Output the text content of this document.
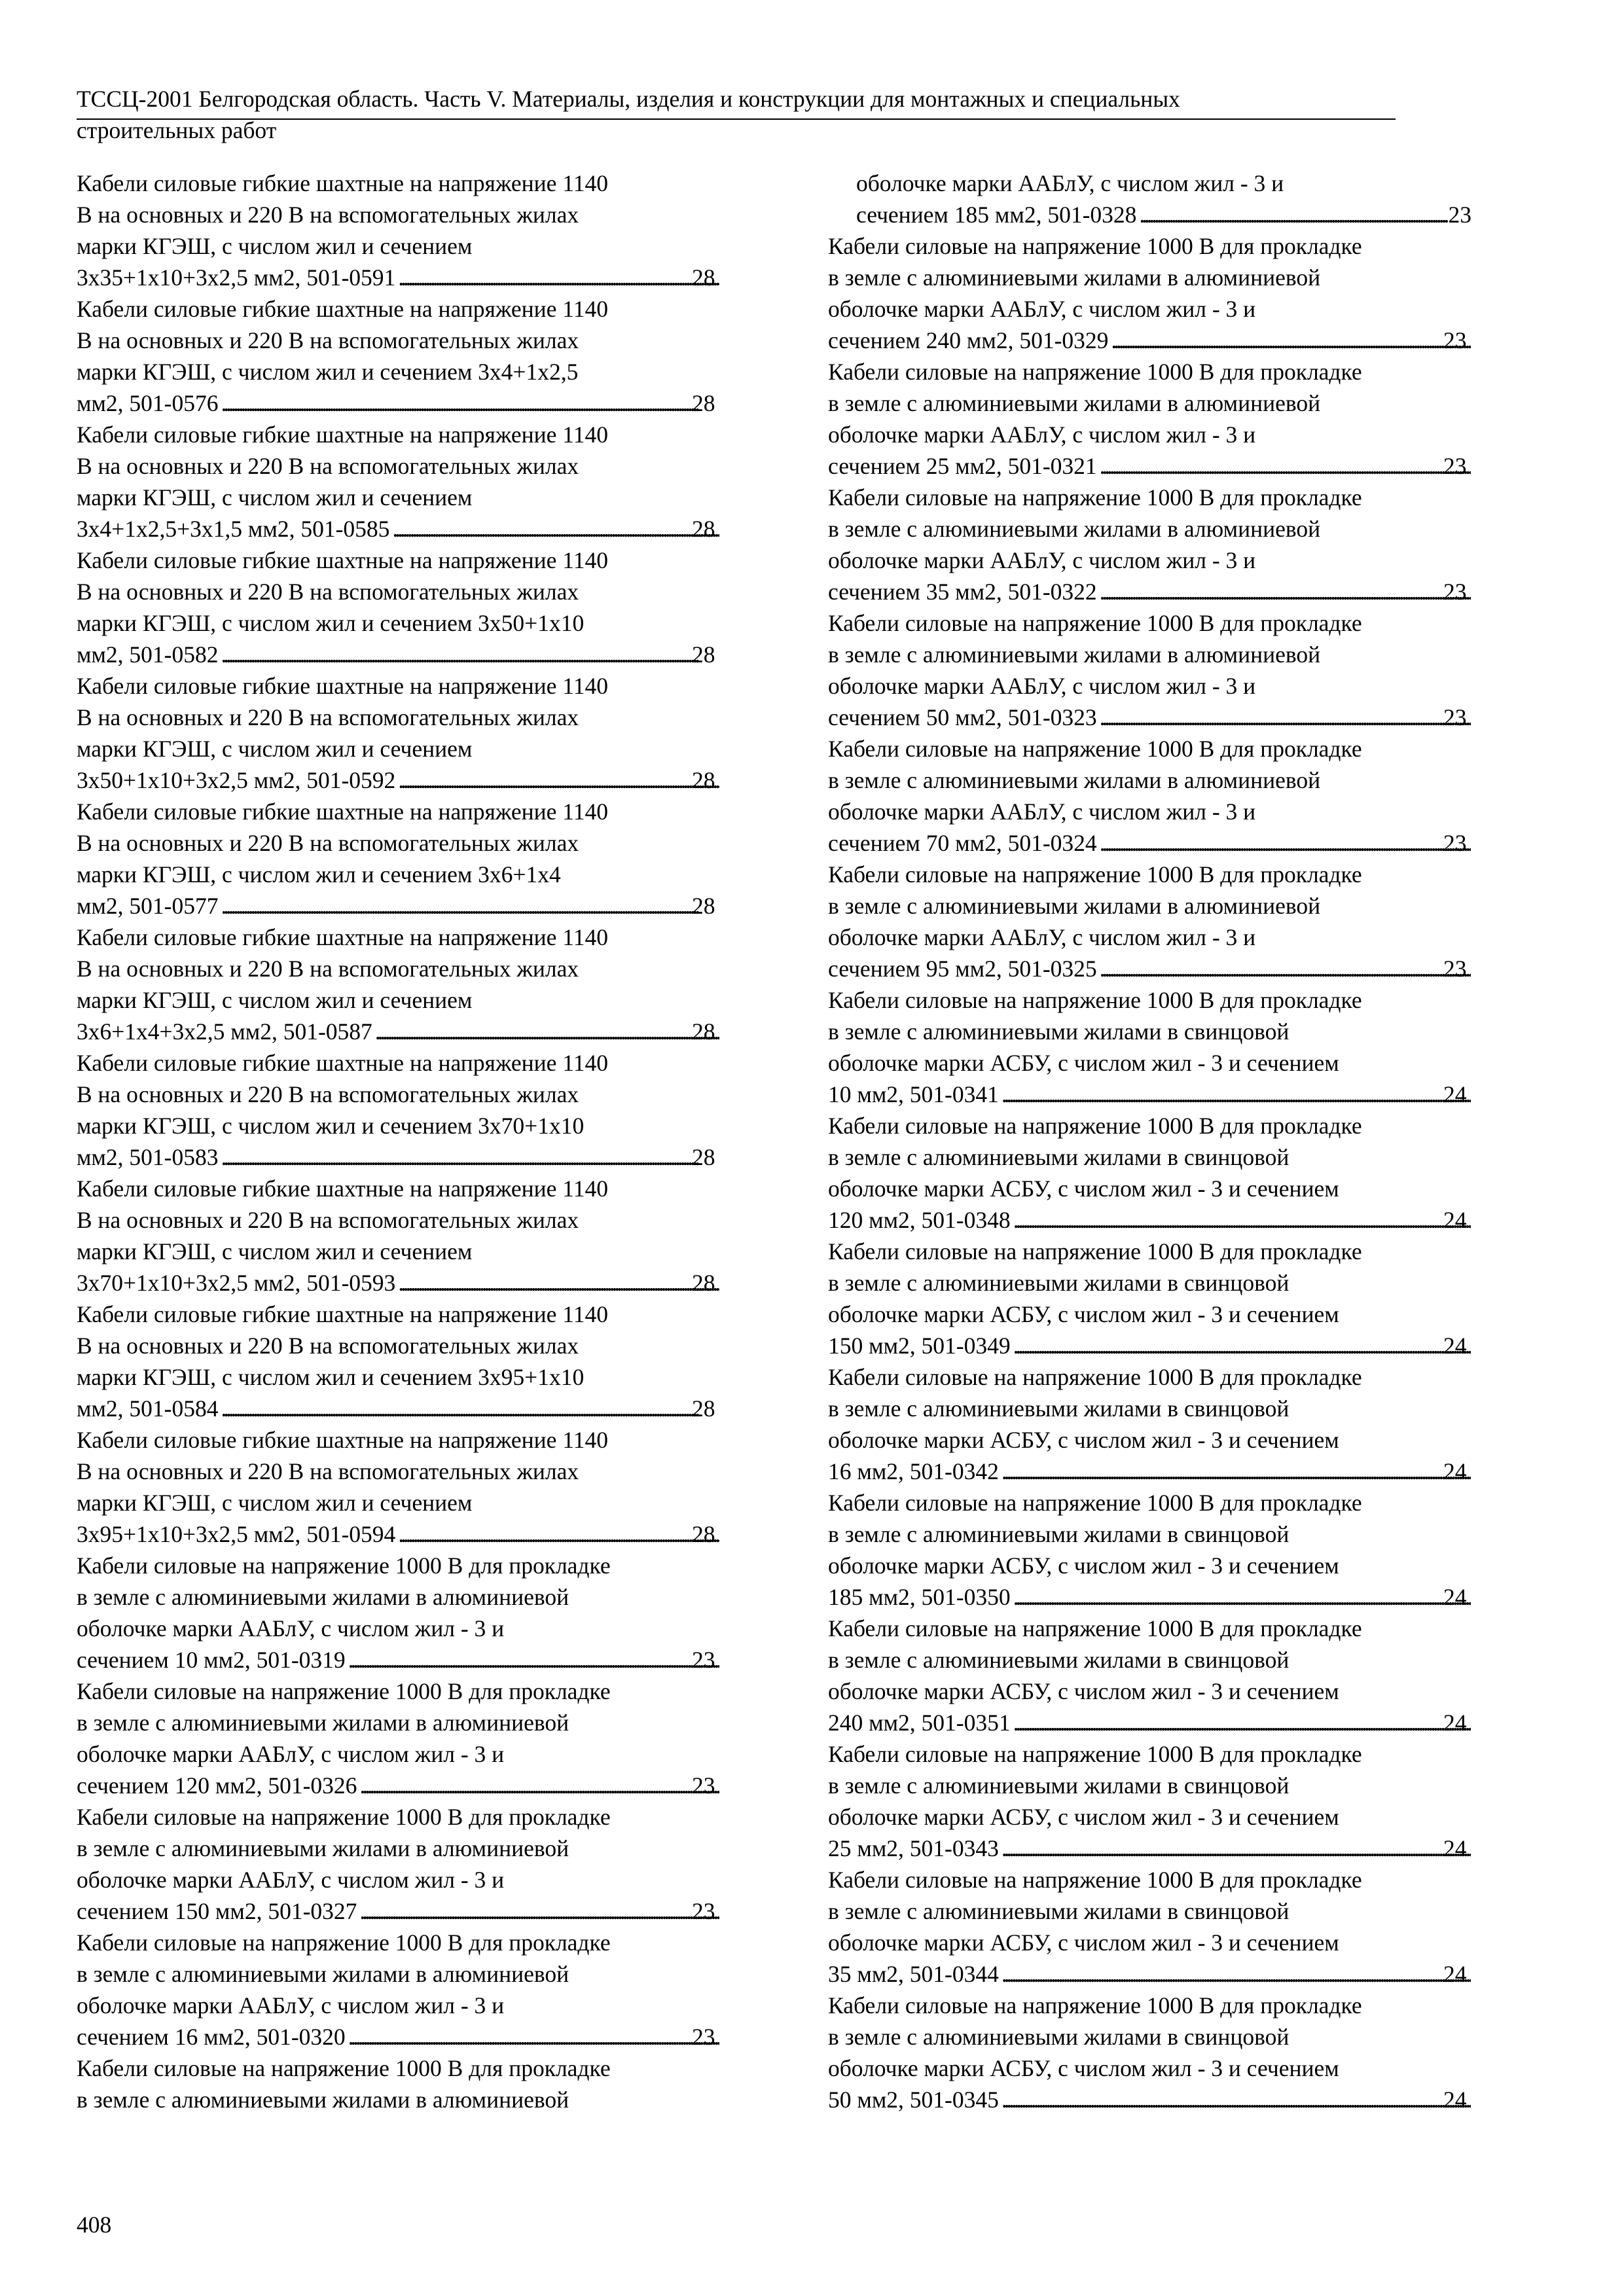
ТССЦ-2001 Белгородская область. Часть V. Материалы, изделия и конструкции для монтажных и специальных
строительных работ
Кабели силовые гибкие шахтные на напряжение 1140
В на основных и 220 В на вспомогательных жилах
марки КГЭШ, с числом жил и сечением
3х35+1х10+3х2,5 мм2, 501-0591 . . .	28
Кабели силовые гибкие шахтные на напряжение 1140
В на основных и 220 В на вспомогательных жилах
марки КГЭШ, с числом жил и сечением 3х4+1х2,5
мм2, 501-0576 . . .	28
Кабели силовые гибкие шахтные на напряжение 1140
В на основных и 220 В на вспомогательных жилах
марки КГЭШ, с числом жил и сечением
3х4+1х2,5+3х1,5 мм2, 501-0585 . . .	28
Кабели силовые гибкие шахтные на напряжение 1140
В на основных и 220 В на вспомогательных жилах
марки КГЭШ, с числом жил и сечением 3х50+1х10
мм2, 501-0582 . . .	28
Кабели силовые гибкие шахтные на напряжение 1140
В на основных и 220 В на вспомогательных жилах
марки КГЭШ, с числом жил и сечением
3х50+1х10+3х2,5 мм2, 501-0592 . . .	28
Кабели силовые гибкие шахтные на напряжение 1140
В на основных и 220 В на вспомогательных жилах
марки КГЭШ, с числом жил и сечением 3х6+1х4
мм2, 501-0577 . . .	28
Кабели силовые гибкие шахтные на напряжение 1140
В на основных и 220 В на вспомогательных жилах
марки КГЭШ, с числом жил и сечением
3х6+1х4+3х2,5 мм2, 501-0587 . . .	28
Кабели силовые гибкие шахтные на напряжение 1140
В на основных и 220 В на вспомогательных жилах
марки КГЭШ, с числом жил и сечением 3х70+1х10
мм2, 501-0583 . . .	28
Кабели силовые гибкие шахтные на напряжение 1140
В на основных и 220 В на вспомогательных жилах
марки КГЭШ, с числом жил и сечением
3х70+1х10+3х2,5 мм2, 501-0593 . . .	28
Кабели силовые гибкие шахтные на напряжение 1140
В на основных и 220 В на вспомогательных жилах
марки КГЭШ, с числом жил и сечением 3х95+1х10
мм2, 501-0584 . . .	28
Кабели силовые гибкие шахтные на напряжение 1140
В на основных и 220 В на вспомогательных жилах
марки КГЭШ, с числом жил и сечением
3х95+1х10+3х2,5 мм2, 501-0594 . . .	28
Кабели силовые на напряжение 1000 В для прокладке
в земле с алюминиевыми жилами в алюминиевой
оболочке марки ААБлУ, с числом жил - 3 и
сечением 10 мм2, 501-0319 . . .	23
Кабели силовые на напряжение 1000 В для прокладке
в земле с алюминиевыми жилами в алюминиевой
оболочке марки ААБлУ, с числом жил - 3 и
сечением 120 мм2, 501-0326 . . .	23
Кабели силовые на напряжение 1000 В для прокладке
в земле с алюминиевыми жилами в алюминиевой
оболочке марки ААБлУ, с числом жил - 3 и
сечением 150 мм2, 501-0327 . . .	23
Кабели силовые на напряжение 1000 В для прокладке
в земле с алюминиевыми жилами в алюминиевой
оболочке марки ААБлУ, с числом жил - 3 и
сечением 16 мм2, 501-0320 . . .	23
Кабели силовые на напряжение 1000 В для прокладке
в земле с алюминиевыми жилами в алюминиевой
оболочке марки ААБлУ, с числом жил - 3 и
сечением 185 мм2, 501-0328 . . .	23
Кабели силовые на напряжение 1000 В для прокладке
в земле с алюминиевыми жилами в алюминиевой
оболочке марки ААБлУ, с числом жил - 3 и
сечением 240 мм2, 501-0329 . . .	23
Кабели силовые на напряжение 1000 В для прокладке
в земле с алюминиевыми жилами в алюминиевой
оболочке марки ААБлУ, с числом жил - 3 и
сечением 25 мм2, 501-0321 . . .	23
Кабели силовые на напряжение 1000 В для прокладке
в земле с алюминиевыми жилами в алюминиевой
оболочке марки ААБлУ, с числом жил - 3 и
сечением 35 мм2, 501-0322 . . .	23
Кабели силовые на напряжение 1000 В для прокладке
в земле с алюминиевыми жилами в алюминиевой
оболочке марки ААБлУ, с числом жил - 3 и
сечением 50 мм2, 501-0323 . . .	23
Кабели силовые на напряжение 1000 В для прокладке
в земле с алюминиевыми жилами в алюминиевой
оболочке марки ААБлУ, с числом жил - 3 и
сечением 70 мм2, 501-0324 . . .	23
Кабели силовые на напряжение 1000 В для прокладке
в земле с алюминиевыми жилами в алюминиевой
оболочке марки ААБлУ, с числом жил - 3 и
сечением 95 мм2, 501-0325 . . .	23
Кабели силовые на напряжение 1000 В для прокладке
в земле с алюминиевыми жилами в свинцовой
оболочке марки АСБУ, с числом жил - 3 и сечением
10 мм2, 501-0341 . . .	24
Кабели силовые на напряжение 1000 В для прокладке
в земле с алюминиевыми жилами в свинцовой
оболочке марки АСБУ, с числом жил - 3 и сечением
120 мм2, 501-0348 . . .	24
Кабели силовые на напряжение 1000 В для прокладке
в земле с алюминиевыми жилами в свинцовой
оболочке марки АСБУ, с числом жил - 3 и сечением
150 мм2, 501-0349 . . .	24
Кабели силовые на напряжение 1000 В для прокладке
в земле с алюминиевыми жилами в свинцовой
оболочке марки АСБУ, с числом жил - 3 и сечением
16 мм2, 501-0342 . . .	24
Кабели силовые на напряжение 1000 В для прокладке
в земле с алюминиевыми жилами в свинцовой
оболочке марки АСБУ, с числом жил - 3 и сечением
185 мм2, 501-0350 . . .	24
Кабели силовые на напряжение 1000 В для прокладке
в земле с алюминиевыми жилами в свинцовой
оболочке марки АСБУ, с числом жил - 3 и сечением
240 мм2, 501-0351 . . .	24
Кабели силовые на напряжение 1000 В для прокладке
в земле с алюминиевыми жилами в свинцовой
оболочке марки АСБУ, с числом жил - 3 и сечением
25 мм2, 501-0343 . . .	24
Кабели силовые на напряжение 1000 В для прокладке
в земле с алюминиевыми жилами в свинцовой
оболочке марки АСБУ, с числом жил - 3 и сечением
35 мм2, 501-0344 . . .	24
Кабели силовые на напряжение 1000 В для прокладке
в земле с алюминиевыми жилами в свинцовой
оболочке марки АСБУ, с числом жил - 3 и сечением
50 мм2, 501-0345 . . .	24
408
